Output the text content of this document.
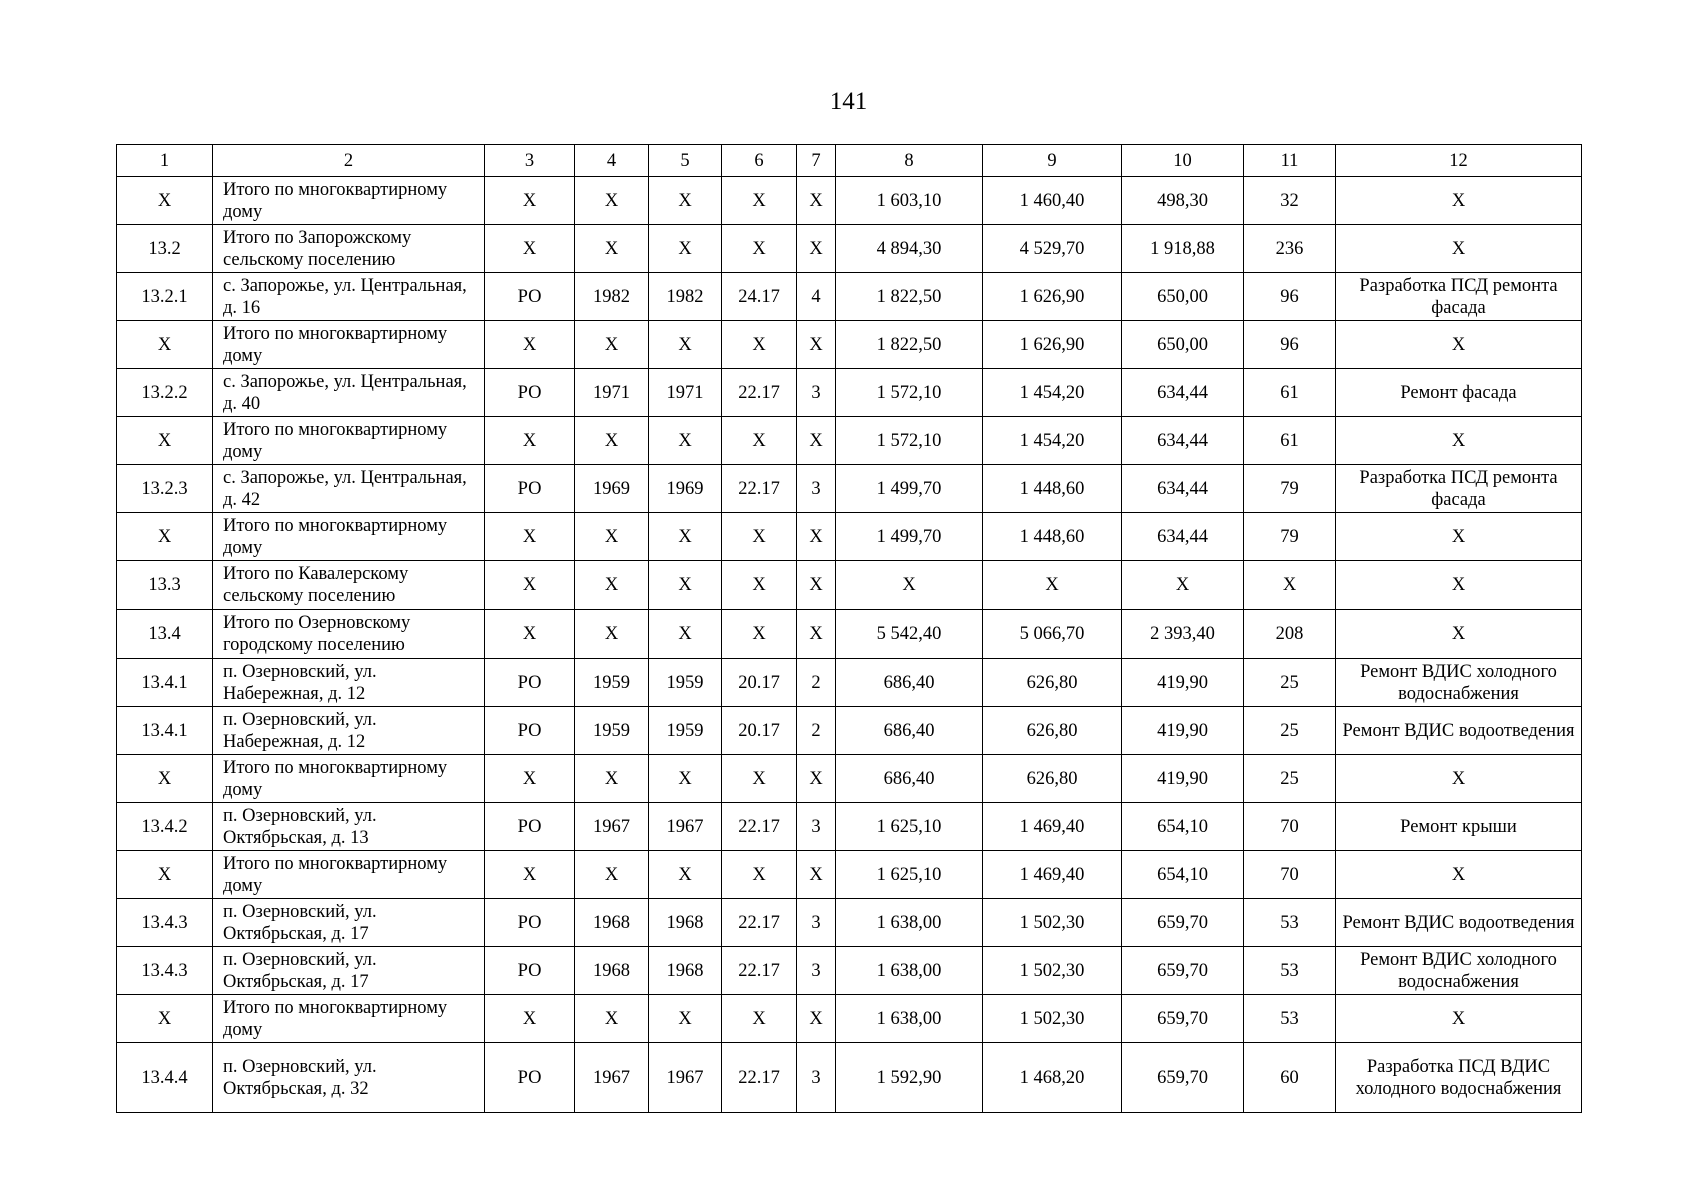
141
1	2	3	4	5	6	7	8	9	10	11	12
Х	Итого по многоквартирному дому	Х	Х	Х	Х	Х	1 603,10	1 460,40	498,30	32	Х
13.2	Итого по Запорожскому сельскому поселению	Х	Х	Х	Х	Х	4 894,30	4 529,70	1 918,88	236	Х
13.2.1	с. Запорожье, ул. Центральная, д. 16	РО	1982	1982	24.17	4	1 822,50	1 626,90	650,00	96	Разработка ПСД ремонта фасада
Х	Итого по многоквартирному дому	Х	Х	Х	Х	Х	1 822,50	1 626,90	650,00	96	Х
13.2.2	с. Запорожье, ул. Центральная, д. 40	РО	1971	1971	22.17	3	1 572,10	1 454,20	634,44	61	Ремонт фасада
Х	Итого по многоквартирному дому	Х	Х	Х	Х	Х	1 572,10	1 454,20	634,44	61	Х
13.2.3	с. Запорожье, ул. Центральная, д. 42	РО	1969	1969	22.17	3	1 499,70	1 448,60	634,44	79	Разработка ПСД ремонта фасада
Х	Итого по многоквартирному дому	Х	Х	Х	Х	Х	1 499,70	1 448,60	634,44	79	Х
13.3	Итого по Кавалерскому сельскому поселению	Х	Х	Х	Х	Х	Х	Х	Х	Х	Х
13.4	Итого по Озерновскому городскому поселению	Х	Х	Х	Х	Х	5 542,40	5 066,70	2 393,40	208	Х
13.4.1	п. Озерновский, ул. Набережная, д. 12	РО	1959	1959	20.17	2	686,40	626,80	419,90	25	Ремонт ВДИС холодного водоснабжения
13.4.1	п. Озерновский, ул. Набережная, д. 12	РО	1959	1959	20.17	2	686,40	626,80	419,90	25	Ремонт ВДИС водоотведения
Х	Итого по многоквартирному дому	Х	Х	Х	Х	Х	686,40	626,80	419,90	25	Х
13.4.2	п. Озерновский, ул. Октябрьская, д. 13	РО	1967	1967	22.17	3	1 625,10	1 469,40	654,10	70	Ремонт крыши
Х	Итого по многоквартирному дому	Х	Х	Х	Х	Х	1 625,10	1 469,40	654,10	70	Х
13.4.3	п. Озерновский, ул. Октябрьская, д. 17	РО	1968	1968	22.17	3	1 638,00	1 502,30	659,70	53	Ремонт ВДИС водоотведения
13.4.3	п. Озерновский, ул. Октябрьская, д. 17	РО	1968	1968	22.17	3	1 638,00	1 502,30	659,70	53	Ремонт ВДИС холодного водоснабжения
Х	Итого по многоквартирному дому	Х	Х	Х	Х	Х	1 638,00	1 502,30	659,70	53	Х
13.4.4	п. Озерновский, ул. Октябрьская, д. 32	РО	1967	1967	22.17	3	1 592,90	1 468,20	659,70	60	Разработка ПСД ВДИС холодного водоснабжения
